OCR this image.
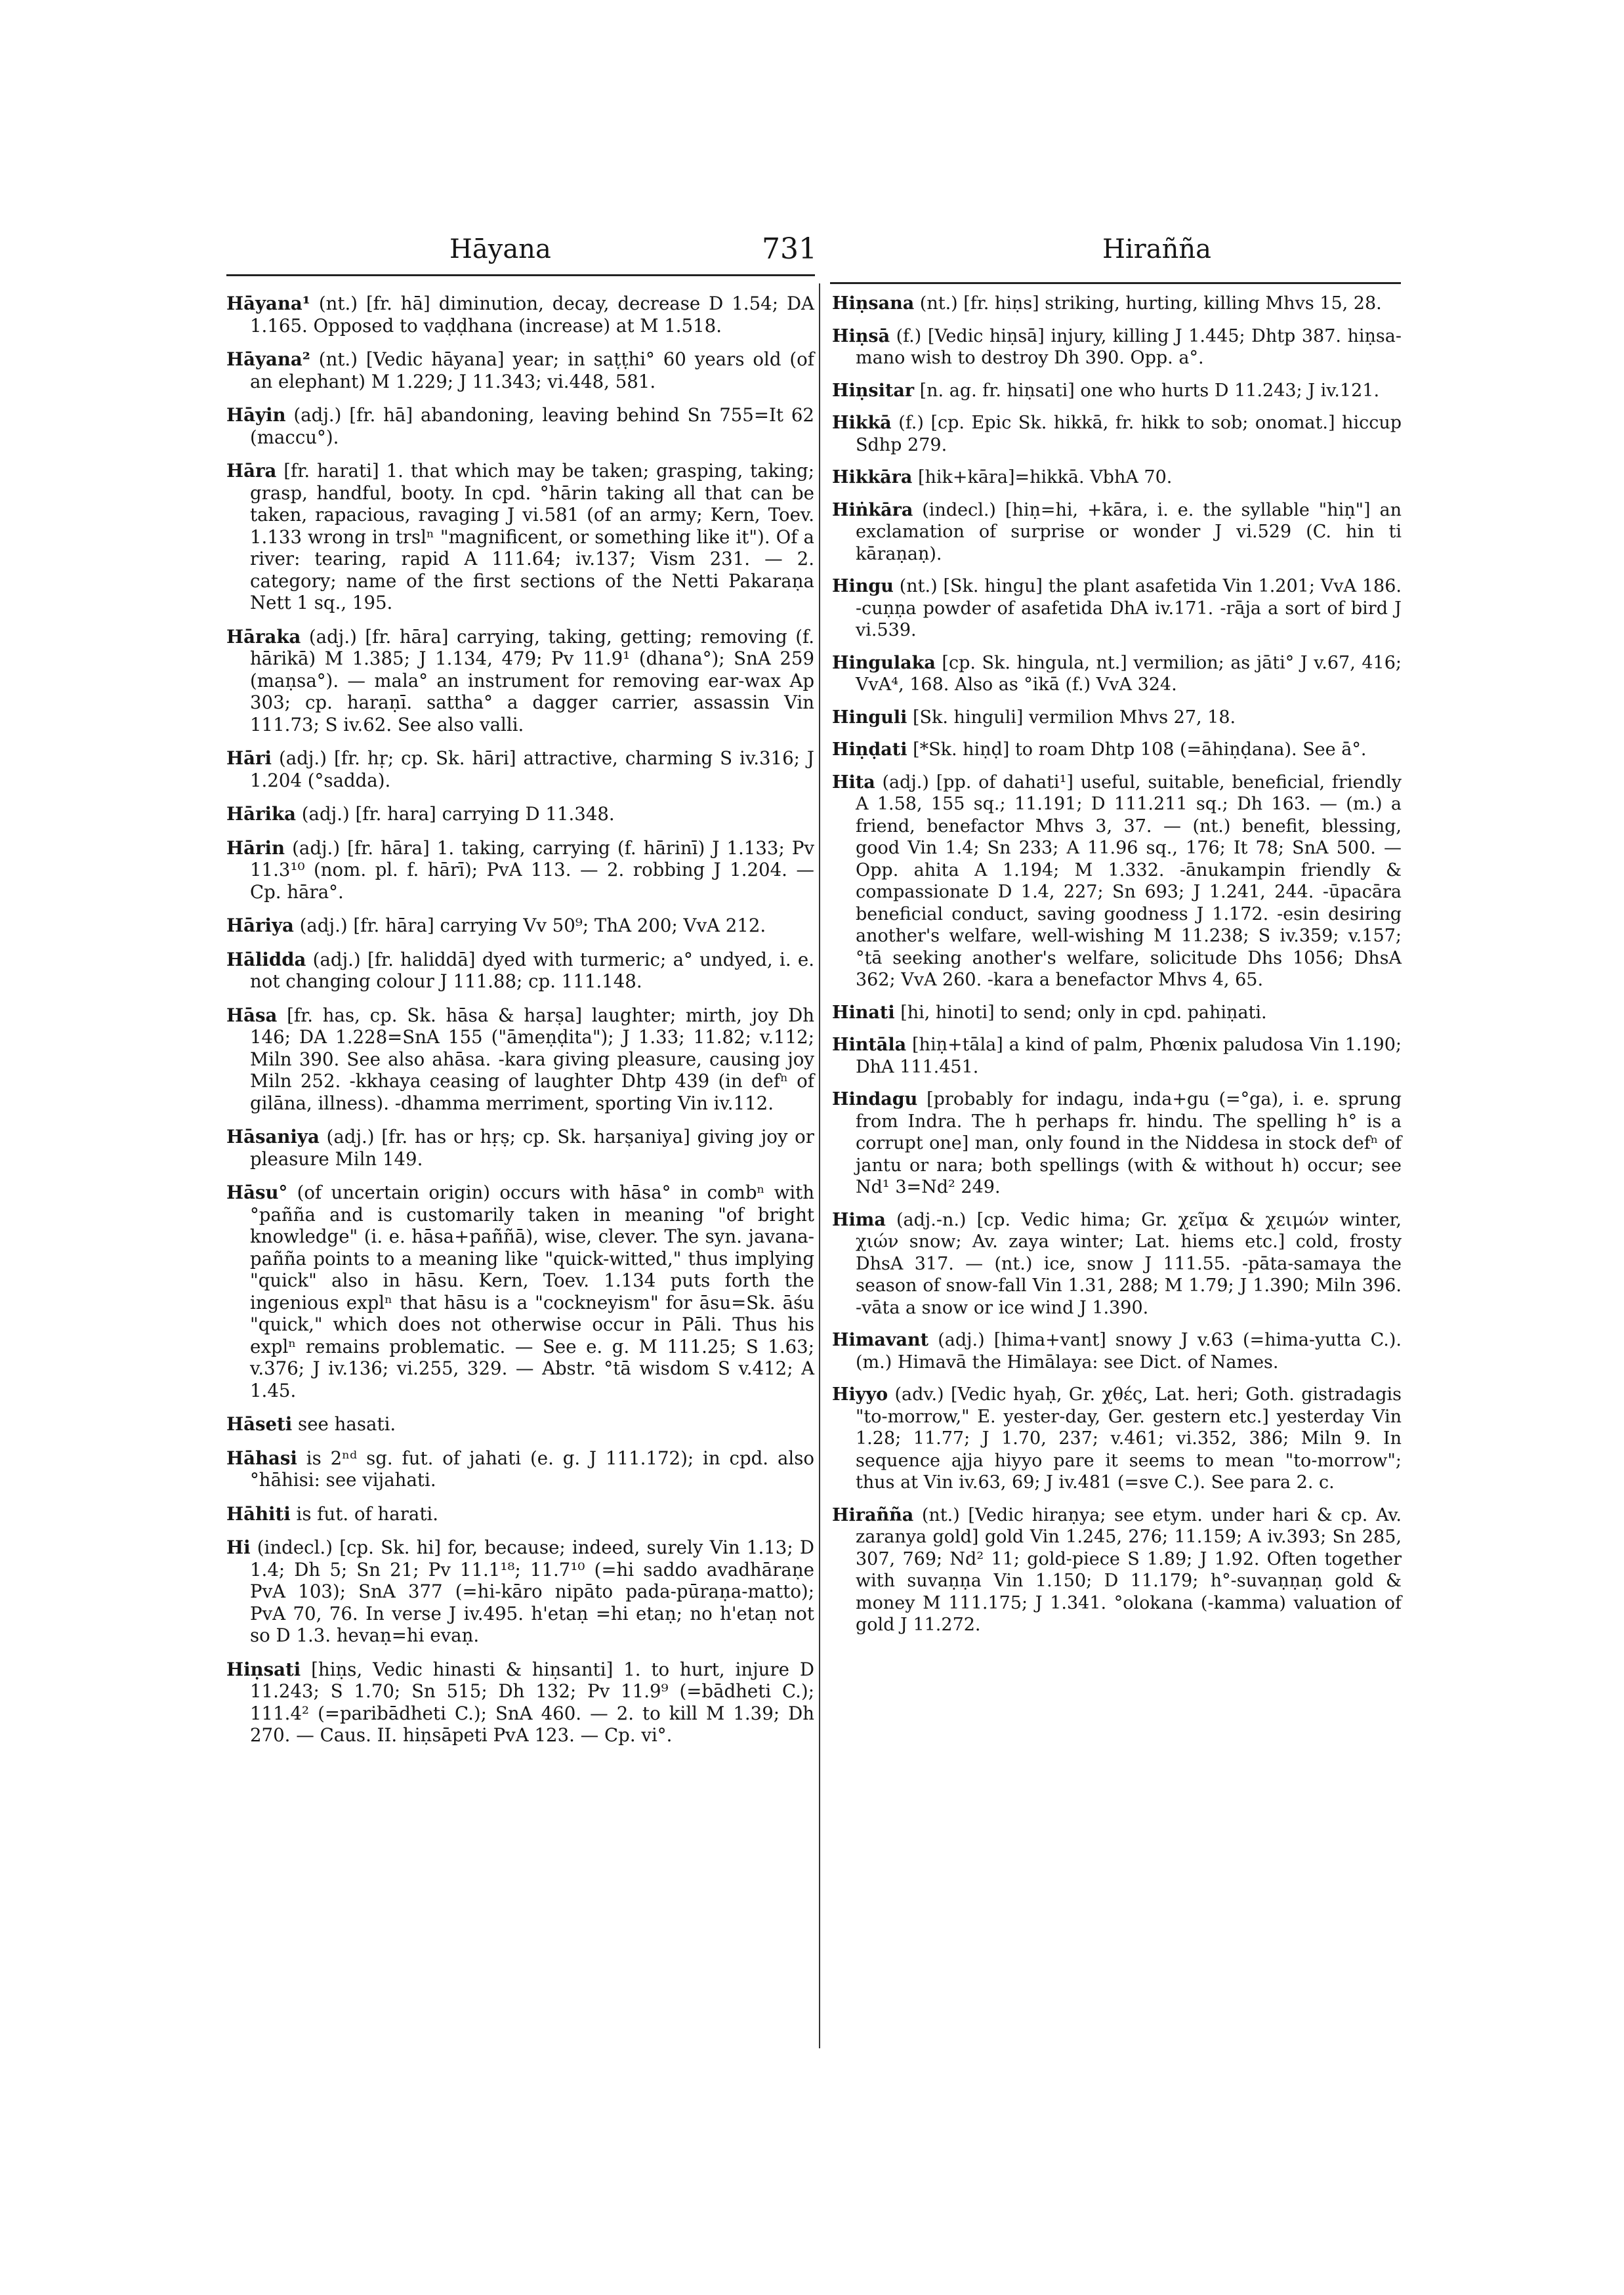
Hāyana	731	Hirañña

Hāyana¹ (nt.) [fr. hā] diminution, decay, decrease D 1.54; DA 1.165. Opposed to vaḍḍhana (increase) at M 1.518.

Hāyana² (nt.) [Vedic hāyana] year; in saṭṭhi° 60 years old (of an elephant) M 1.229; J 11.343; vi.448, 581.

Hāyin (adj.) [fr. hā] abandoning, leaving behind Sn 755=It 62 (maccu°).

Hāra [fr. harati] 1. that which may be taken; grasping, taking; grasp, handful, booty. In cpd. °hārin taking all that can be taken, rapacious, ravaging J vi.581 (of an army; Kern, Toev. 1.133 wrong in trslⁿ "magnificent, or something like it"). Of a river: tearing, rapid A 111.64; iv.137; Vism 231. — 2. category; name of the first sections of the Netti Pakaraṇa Nett 1 sq., 195.

Hāraka (adj.) [fr. hāra] carrying, taking, getting; removing (f. hārikā) M 1.385; J 1.134, 479; Pv 11.9¹ (dhana°); SnA 259 (maṇsa°). — mala° an instrument for removing ear-wax Ap 303; cp. haraṇī. sattha° a dagger carrier, assassin Vin 111.73; S iv.62. See also valli.

Hāri (adj.) [fr. hṛ; cp. Sk. hāri] attractive, charming S iv.316; J 1.204 (°sadda).

Hārika (adj.) [fr. hara] carrying D 11.348.

Hārin (adj.) [fr. hāra] 1. taking, carrying (f. hārinī) J 1.133; Pv 11.3¹⁰ (nom. pl. f. hārī); PvA 113. — 2. robbing J 1.204. — Cp. hāra°.

Hāriya (adj.) [fr. hāra] carrying Vv 50⁹; ThA 200; VvA 212.

Hāliddа (adj.) [fr. haliddā] dyed with turmeric; a° undyed, i. e. not changing colour J 111.88; cp. 111.148.

Hāsa [fr. has, cp. Sk. hāsa & harṣa] laughter; mirth, joy Dh 146; DA 1.228=SnA 155 ("āmeṇḍita"); J 1.33; 11.82; v.112; Miln 390. See also ahāsa. -kara giving pleasure, causing joy Miln 252. -kkhaya ceasing of laughter Dhtp 439 (in defⁿ of gilāna, illness). -dhamma merriment, sporting Vin iv.112.

Hāsaniya (adj.) [fr. has or hṛṣ; cp. Sk. harṣaniya] giving joy or pleasure Miln 149.

Hāsu° (of uncertain origin) occurs with hāsa° in combⁿ with °pañña and is customarily taken in meaning "of bright knowledge" (i. e. hāsa+paññā), wise, clever. The syn. javana-pañña points to a meaning like "quick-witted," thus implying "quick" also in hāsu. Kern, Toev. 1.134 puts forth the ingenious explⁿ that hāsu is a "cockneyism" for āsu=Sk. āśu "quick," which does not otherwise occur in Pāli. Thus his explⁿ remains problematic. — See e. g. M 111.25; S 1.63; v.376; J iv.136; vi.255, 329. — Abstr. °tā wisdom S v.412; A 1.45.

Hāseti see hasati.

Hāhasi is 2ⁿᵈ sg. fut. of jahati (e. g. J 111.172); in cpd. also °hāhisi: see vijahati.

Hāhiti is fut. of harati.

Hi (indecl.) [cp. Sk. hi] for, because; indeed, surely Vin 1.13; D 1.4; Dh 5; Sn 21; Pv 11.1¹⁸; 11.7¹⁰ (=hi saddo avadhāraṇe PvA 103); SnA 377 (=hi-kāro nipāto pada-pūraṇa-matto); PvA 70, 76. In verse J iv.495. h'etaṇ =hi etaṇ; no h'etaṇ not so D 1.3. hevaṇ=hi evaṇ.

Hiṇsati [hiṇs, Vedic hinasti & hiṇsanti] 1. to hurt, injure D 11.243; S 1.70; Sn 515; Dh 132; Pv 11.9⁹ (=bādheti C.); 111.4² (=paribādheti C.); SnA 460. — 2. to kill M 1.39; Dh 270. — Caus. II. hiṇsāpeti PvA 123. — Cp. vi°.

Hiṇsana (nt.) [fr. hiṇs] striking, hurting, killing Mhvs 15, 28.

Hiṇsā (f.) [Vedic hiṇsā] injury, killing J 1.445; Dhtp 387. hiṇsa-mano wish to destroy Dh 390. Opp. a°.

Hiṇsitar [n. ag. fr. hiṇsati] one who hurts D 11.243; J iv.121.

Hikkā (f.) [cp. Epic Sk. hikkā, fr. hikk to sob; onomat.] hiccup Sdhp 279.

Hikkāra [hik+kāra]=hikkā. VbhA 70.

Hiṅkāra (indecl.) [hiṇ=hi, +kāra, i. e. the syllable "hiṇ"] an exclamation of surprise or wonder J vi.529 (C. hin ti kāraṇaṇ).

Hingu (nt.) [Sk. hingu] the plant asafetida Vin 1.201; VvA 186. -cuṇṇa powder of asafetida DhA iv.171. -rāja a sort of bird J vi.539.

Hingulaka [cp. Sk. hingula, nt.] vermilion; as jāti° J v.67, 416; VvA⁴, 168. Also as °ikā (f.) VvA 324.

Hinguli [Sk. hinguli] vermilion Mhvs 27, 18.

Hiṇḍati [*Sk. hiṇḍ] to roam Dhtp 108 (=āhiṇḍana). See ā°.

Hita (adj.) [pp. of dahati¹] useful, suitable, beneficial, friendly A 1.58, 155 sq.; 11.191; D 111.211 sq.; Dh 163. — (m.) a friend, benefactor Mhvs 3, 37. — (nt.) benefit, blessing, good Vin 1.4; Sn 233; A 11.96 sq., 176; It 78; SnA 500. — Opp. ahita A 1.194; M 1.332. -ānukampin friendly & compassionate D 1.4, 227; Sn 693; J 1.241, 244. -ūpacāra beneficial conduct, saving goodness J 1.172. -esin desiring another's welfare, well-wishing M 11.238; S iv.359; v.157; °tā seeking another's welfare, solicitude Dhs 1056; DhsA 362; VvA 260. -kara a benefactor Mhvs 4, 65.

Hinati [hi, hinoti] to send; only in cpd. pahiṇati.

Hintāla [hiṇ+tāla] a kind of palm, Phœnix paludosa Vin 1.190; DhA 111.451.

Hindagu [probably for indagu, inda+gu (=°ga), i. e. sprung from Indra. The h perhaps fr. hindu. The spelling h° is a corrupt one] man, only found in the Niddesa in stock defⁿ of jantu or nara; both spellings (with & without h) occur; see Nd¹ 3=Nd² 249.

Hima (adj.-n.) [cp. Vedic hima; Gr. χεῖμα & χειμών winter, χιών snow; Av. zaya winter; Lat. hiems etc.] cold, frosty DhsA 317. — (nt.) ice, snow J 111.55. -pāta-samaya the season of snow-fall Vin 1.31, 288; M 1.79; J 1.390; Miln 396. -vāta a snow or ice wind J 1.390.

Himavant (adj.) [hima+vant] snowy J v.63 (=hima-yutta C.). (m.) Himavā the Himālaya: see Dict. of Names.

Hiyyo (adv.) [Vedic hyaḥ, Gr. χθές, Lat. heri; Goth. gistradagis "to-morrow," E. yester-day, Ger. gestern etc.] yesterday Vin 1.28; 11.77; J 1.70, 237; v.461; vi.352, 386; Miln 9. In sequence ajja hiyyo pare it seems to mean "to-morrow"; thus at Vin iv.63, 69; J iv.481 (=sve C.). See para 2. c.

Hirañña (nt.) [Vedic hiraṇya; see etym. under hari & cp. Av. zaranya gold] gold Vin 1.245, 276; 11.159; A iv.393; Sn 285, 307, 769; Nd² 11; gold-piece S 1.89; J 1.92. Often together with suvaṇṇa Vin 1.150; D 11.179; h°-suvaṇṇaṇ gold & money M 111.175; J 1.341. °olokana (-kamma) valuation of gold J 11.272.
